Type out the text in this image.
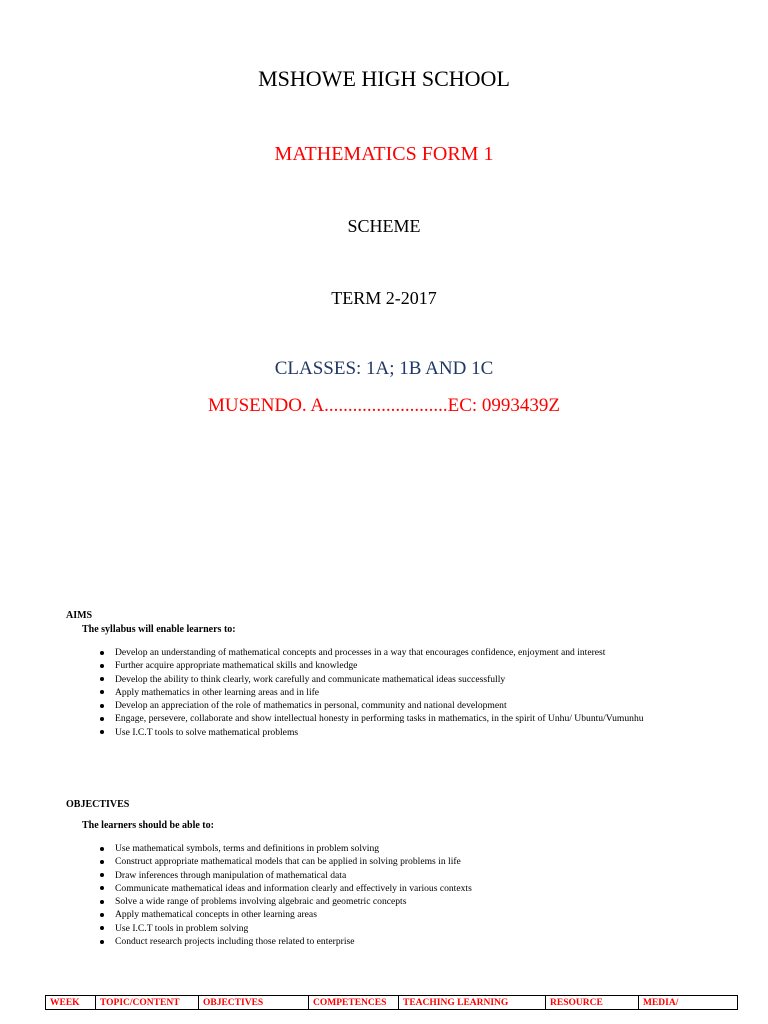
MSHOWE HIGH SCHOOL
MATHEMATICS FORM 1
SCHEME
TERM 2-2017
CLASSES: 1A; 1B AND 1C
MUSENDO. A..........................EC: 0993439Z
AIMS
The syllabus will enable learners to:
Develop an understanding of mathematical concepts and processes in a way that encourages confidence, enjoyment and interest
Further acquire appropriate mathematical skills and knowledge
Develop the ability to think clearly, work carefully and communicate mathematical ideas successfully
Apply mathematics in other learning areas and in life
Develop an appreciation of the role of mathematics in personal, community and national development
Engage, persevere, collaborate and show intellectual honesty in performing tasks in mathematics, in the spirit of Unhu/ Ubuntu/Vumunhu
Use I.C.T tools to solve mathematical problems
OBJECTIVES
The learners should be able to:
Use mathematical symbols, terms and definitions in problem solving
Construct appropriate mathematical models that can be applied in solving problems in life
Draw inferences through manipulation of mathematical data
Communicate mathematical ideas and information clearly and effectively in various contexts
Solve a wide range of problems involving algebraic and geometric concepts
Apply mathematical concepts in other learning areas
Use I.C.T tools in problem solving
Conduct research projects including those related to enterprise
WEEK	TOPIC/CONTENT	OBJECTIVES	COMPETENCES	TEACHING LEARNING	RESOURCE	MEDIA/
